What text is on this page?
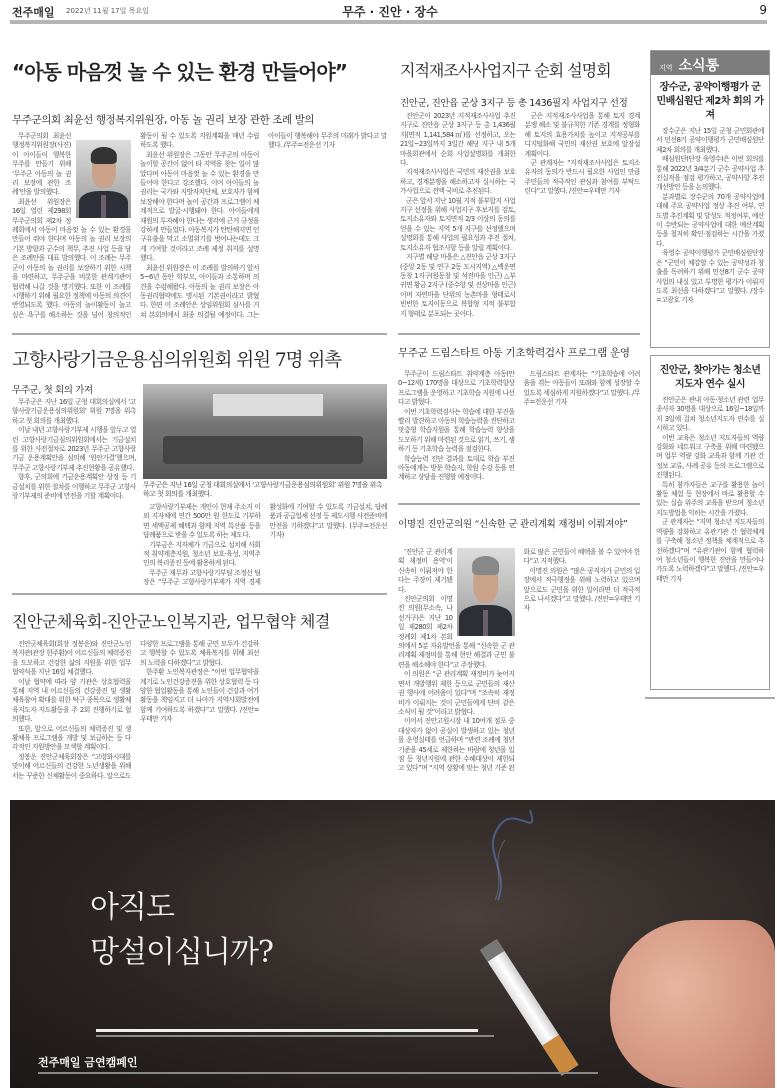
전주매일 2022년 11월 17일 목요일	무주 · 진안 · 장수	9
“아동 마음껏 놀 수 있는 환경 만들어야”
무주군의회 최윤선 행정복지위원장, 아동 놀 권리 보장 관한 조례 발의

무주군의회 최윤선 행정복지위원장(사진)이 아이들이 행복한 무주를 만들기 위해 ‘무주군 아동의 놀 권리 보장에 관한 조례’안을 발의했다.

최윤선 위원장은 16일 열린 제298회 무주군의회 제2차 정례회에서 아동이 마음껏 놀 수 있는 환경을 만들어 줘야 한다며 아동의 놀 권리 보장의 기본 방향과 군수의 책무, 추진 사업 등을 담은 조례안을 대표 발의했다. 이 조례는 무주군이 아동의 놀 권리를 보장하기 위한 시책을 마련하고, 무주군을 비롯한 관계기관이 협력해 나갈 것을 명기했다. 또한 이 조례를 시행하기 위해 필요한 정책에 아동의 의견이 반영되도록 했다. 아동의 놀이활동이 놀고 싶은 욕구를 해소하는 것을 넘어 창의적인 활동이 될 수 있도록 지원계획을 매년 수립하도록 했다.

최윤선 위원장은 그동안 무주군의 아동이 놀이할 공간이 없어 타 지역을 찾는 일이 많았다며 아동이 마음껏 놀 수 있는 환경을 만들어야 한다고 강조했다. 이어 아이들의 놀 권리는 국가와 지방자치단체, 보호자가 함께 보장해야 한다며 놀이 공간과 프로그램이 체계적으로 발굴·시행돼야 한다. 아이들에게 재원의 투자해야 한다는 생각에 근거 규정을 강하게 만들었다. 아동복지가 탄탄해지면 인구유출을 막고 소멸위기를 벗어나는데도 크게 기여할 것이라고 조례 제정 취지를 설명했다.

최윤선 위원장은 이 조례를 발의하기 앞서 5~6년 동안 학부모, 아이들과 소통하며 의견을 수렴해왔다. 아동의 놀 권리 보장은 아동권리협약에도 명시된 기본권이라고 밝혔다. 한편 이 조례안은 상임위원회 심사를 거쳐 본회의에서 최종 의결될 예정이다. 그는 아이들이 행복해야 무주의 미래가 밝다고 말했다. /무주=전운선 기자

지적재조사사업지구 순회 설명회
진안군, 진안읍 군상 3지구 등 총 1436필지 사업지구 선정

진안군이 2023년 지적재조사사업 추진 지구로 진안읍 군상 3지구 등 총 1,436필지(면적 1,141,584㎡)를 선정하고, 오는 21일~23일까지 3일간 해당 지구 내 5개 마을회관에서 순회 사업설명회를 개최한다.

지적재조사사업은 국민의 재산권을 보호하고, 경계분쟁을 해소하고자 실시하는 국가사업으로 전액 국비로 추진된다.

군은 앞서 지난 10월 지적 불부합지 사업지구 선정을 위해 사업지구 후보지를 검토, 토지소유자와 토지면적 2/3 이상의 동의를 얻을 수 있는 지역 5개 지구를 선정했으며 설명회를 통해 사업의 필요성과 추진 절차, 토지소유자 협조사항 등을 알릴 계획이다.

지구별 해당 마을은 △진안읍 군상 3지구(중앙 2동 및 연구 2동 도시지역) △백운면 동창 1지구(원동창 및 석전마을 인근) △부귀면 황금 2지구 (중수항 및 진상마을 인근)이며 자연마을 단위의 농촌마을 형태로서 빈번한 토지이동으로 복합형 지적 불부합지 형태로 분포되는 곳이다.

군은 지적재조사사업을 통해 토지 경계분쟁 해소 및 불규칙한 기존 경계를 정형화해 토지의 효용가치를 높이고 지적공부를 디지털화해 국민의 재산권 보호에 앞장설 계획이다.

군 관계자는 “지적재조사사업은 토지소유자의 동의가 반드시 필요한 사업인 만큼 주민들의 적극적인 관심과 참여를 부탁드린다”고 말했다. /진안=우태만 기자

지역 소식통
장수군, 공약이행평가 군민배심원단 제2차 회의 가져

장수군은 지난 15일 군청 군민회관에서 민선8기 공약이행평가 군민배심원단 제2차 회의를 개최했다.

배심원단(단장 육영수)은 이번 회의를 통해 2022년 3/4분기 군수 공약사업 추진실적을 점검 평가하고, 공약사항 추진 개선방안 등을 논의했다.

분과별로 장수군의 70개 공약사업에 대해 주요 공약사업 정상 추진 여부, 연도별 추진계획 및 달성도 적정여부, 예산이 수반되는 공약사업에 대한 예산계획 등을 철저히 확인·점검하는 시간을 가졌다.

육영수 공약이행평가 군민배심원단장은 “군민이 체감할 수 있는 공약성과 창출을 독려하기 위해 민선8기 군수 공약사업의 내실 있고 투명한 평가가 이뤄지도록 최선을 다하겠다”고 말했다. /장수=고광호 기자

진안군, 찾아가는 청소년 지도자 연수 실시

진안군은 관내 아동·청소년 관련 업무 종사자 30명을 대상으로 16일~18일까지 3일에 걸쳐 청소년지도자 연수를 실시하고 있다.

이번 교육은 청소년 지도자들의 역량 강화와 네트워크 구축을 위해 마련됐으며 업무 역량 강화 교육과 함께 기관 간 정보 교류, 사례 공유 등의 프로그램으로 진행된다.

특히 참가자들은 교구를 활용한 놀이 활동 체험 등 현장에서 바로 활용할 수 있는 실습 위주의 교육을 받으며 청소년 지도방법을 익히는 시간을 가졌다.

군 관계자는 “지역 청소년 지도자들의 역량을 강화하고 유관기관 간 협력체계를 구축해 청소년 정책을 체계적으로 추진하겠다”며 “유관기관이 함께 협력하여 청소년들이 행복한 진안을 만들어나가도록 노력하겠다”고 말했다. /진안=우태만 기자

고향사랑기금운용심의위원회 위원 7명 위촉
무주군, 첫 회의 가져
무주군은 지난 16일 군청 대회의실에서 ‘고향사랑기금운용심의위원회’ 위원 7명을 위촉하고 첫 회의를 개최했다.

무주군은 지난 16일 군청 대회의실에서 ‘고향사랑기금운용심의위원회’ 위원 7명을 위촉하고 첫 회의를 개최했다.

이날 내년 고향사랑기부제 시행을 앞두고 열린 고향사랑기금심의위원회에서는 기금설치를 위한 사전절차로 2023년 무주군 고향사랑기금 운용계획안을 심의해 ‘원안가결’했으며, 무주군 고향사랑기부제 추진현황을 공유했다.

향후, 군의회에 기금운용계획안 상정 등 기금설치를 위한 절차를 이행하고 무주군 고향사랑기부제의 준비에 만전을 기할 계획이다.

고향사랑기부제는 개인이 현재 주소지 이외 지자체에 연간 500만 원 한도로 기부하면 세액공제 혜택과 함께 지역 특산품 등을 답례품으로 받을 수 있도록 하는 제도다.

기부금은 지자체가 기금으로 설치해 사회적 취약계층지원, 청소년 보호·육성, 지역주민의 복리증진 등에 활용하게 된다.

무주군 재무과 고향사랑기부팀 조정선 팀장은 “무주군 고향사랑기부제가 지역 경제 활성화에 기여할 수 있도록 기금설치, 답례품과 공급업체 선정 등 제도시행 사전준비에 만전을 기하겠다”고 말했다. (무주=전운선 기자)

무주군 드림스타트 아동 기초학력검사 프로그램 운영

무주군이 드림스타트 취약계층 아동(만0~12세) 170명을 대상으로 기초학력향상 프로그램을 운영하고 기초학습 지원에 나선다고 밝혔다.

이번 기초학력검사는 학습에 대한 부진을 빨리 발견하고 아동의 학습능력을 진단하고 맞춤형 학습지원을 통해 학습능력 향상을 도모하기 위해 마련된 것으로 읽기, 쓰기, 셈하기 등 기초학습 능력을 점검한다.

학습능력 진단 결과를 토대로 학습 부진 아동에게는 방문 학습지, 학원 수강 등을 연계하고 상담을 진행할 예정이다.

드림스타트 관계자는 “기초학습에 어려움을 겪는 아동들이 또래와 함께 성장할 수 있도록 세심하게 지원하겠다”고 말했다. /무주=전운선 기자

이명진 진안군의원 “신속한 군 관리계획 재정비 이뤄져야”

‘진안군 군 관리계획 재정비 용역’이 신속히 이뤄져야 한다는 주장이 제기됐다.

진안군의회 이명진 의원(무소속, 나 선거구)은 지난 10일 제280회 제2차 정례회 제1차 본회의에서 5분 자유발언을 통해 “신속한 군 관리계획 재정비를 통해 현안 해결과 군민 불편을 해소해야 한다”고 주장했다.

이 의원은 “군 관리계획 재정비가 늦어지면서 개발행위 제한 등으로 군민들의 재산권 행사에 어려움이 있다”며 “조속히 재정비가 이뤄지는 것이 군민들에게 단비 같은 소식이 될 것”이라고 밝혔다.

이어서 진안고원시장 내 10여개 점포 중 대상자가 없어 공실이 발생하고 있는 청년몰 운영실태를 언급하며 “관련 조례에 청년 기준을 45세로 제한하는 바람에 청년몰 입점 등 청년지원에 관한 수혜대상이 제한되고 있다”며 “지역 상황에 맞는 청년 기준 완화로 많은 군민들이 혜택을 볼 수 있어야 한다”고 지적했다.

이명진 의원은 “많은 공직자가 군민의 입장에서 적극행정을 위해 노력하고 있으며 앞으로도 군민을 위한 일이라면 더 적극적으로 나서겠다”고 말했다. /진안=우태만 기자

진안군체육회-진안군노인복지관, 업무협약 체결

진안군체육회(회장 정봉운)와 진안군노인복지관(관장 한주환)이 어르신들의 체력증진을 도모하고 건강한 삶의 지원을 위한 업무협약식을 지난 16일 체결했다.

이날 협약에 따라 양 기관은 상호협력을 통해 지역 내 어르신들의 건강증진 및 생활체육참여 확대를 위한 탁구 종목으로 생활체육지도자 지도활동을 주 2회 진행하기로 협의했다.

또한, 앞으로 어르신들의 체력증진 및 생활체육 프로그램을 개발 및 보급하는 등 다각적인 지원방안을 모색할 계획이다.

정봉운 진안군체육회장은 “고령화시대를 맞이해 어르신들의 건강한 노년생활을 위해서는 꾸준한 신체활동이 중요하다. 앞으로도 다양한 프로그램을 통해 군민 모두가 건강하고 행복할 수 있도록 체육복지를 위해 최선의 노력을 다하겠다”고 밝혔다.

한주환 노인복지관장은 “이번 업무협약을 계기로 노인건강증진을 위한 상호협력 등 다양한 협업활동을 통해 노인들이 건강과 여가활동을 책임지고 더 나아가 지역사회발전에 함께 기여하도록 하겠다”고 말했다. /진안=우태만 기자

아직도
망설이십니까?
전주매일 금연캠페인
